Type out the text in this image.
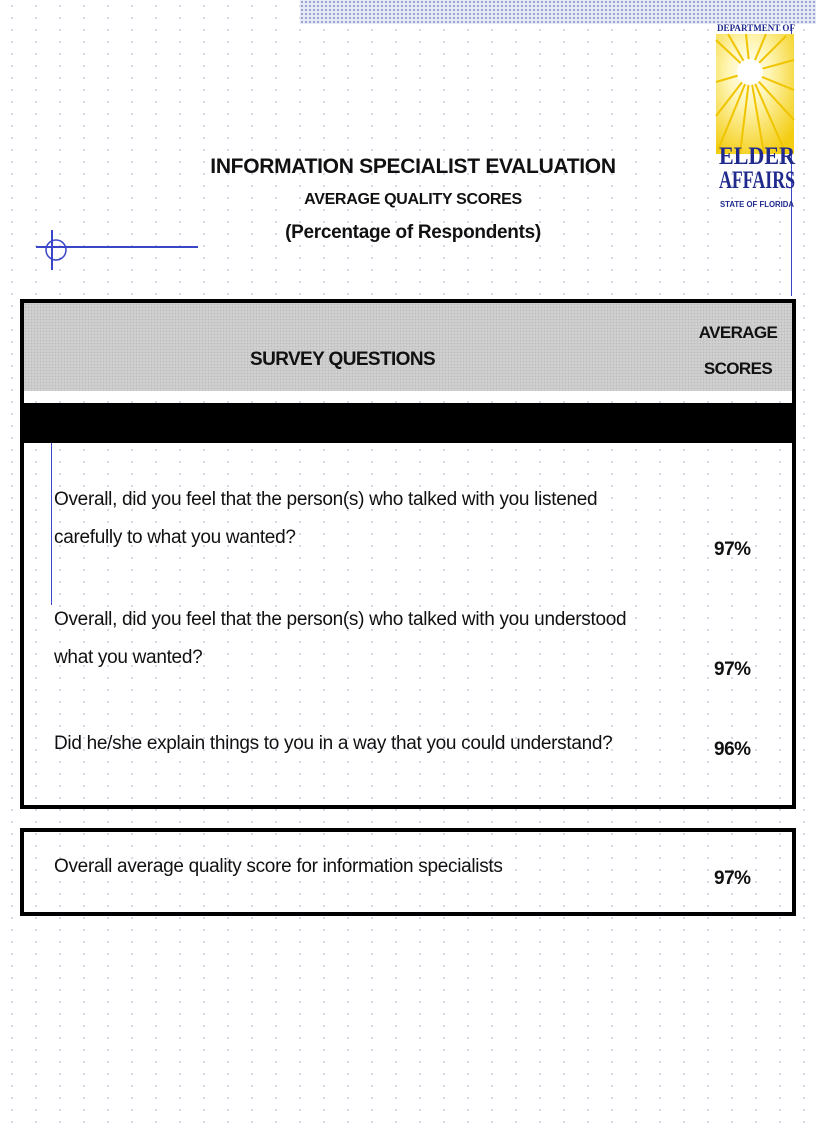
DEPARTMENT OF
ELDER
AFFAIRS
STATE OF FLORIDA
INFORMATION SPECIALIST EVALUATION
AVERAGE QUALITY SCORES
(Percentage of Respondents)
SURVEY QUESTIONS
AVERAGE
SCORES
Overall, did you feel that the person(s) who talked with you listened carefully to what you wanted?
97%
Overall, did you feel that the person(s) who talked with you understood what you wanted?
97%
Did he/she explain things to you in a way that you could understand?	96%
Overall average quality score for information specialists
97%
